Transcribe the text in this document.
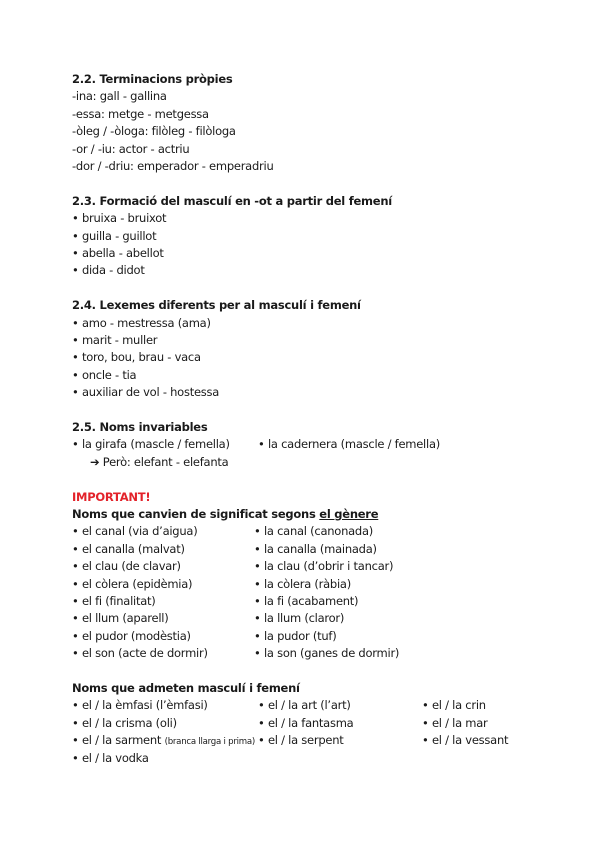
2.2. Terminacions pròpies
-ina: gall - gallina
-essa: metge - metgessa
-òleg / -òloga: filòleg - filòloga
-or / -iu: actor - actriu
-dor / -driu: emperador - emperadriu
2.3. Formació del masculí en -ot a partir del femení
• bruixa - bruixot
• guilla - guillot
• abella - abellot
• dida - didot
2.4. Lexemes diferents per al masculí i femení
• amo - mestressa (ama)
• marit - muller
• toro, bou, brau - vaca
• oncle - tia
• auxiliar de vol - hostessa
2.5. Noms invariables
• la girafa (mascle / femella) • la cadernera (mascle / femella)
➔ Però: elefant - elefanta
IMPORTANT!
Noms que canvien de significat segons el gènere
• el canal (via d’aigua)	• la canal (canonada)
• el canalla (malvat)	• la canalla (mainada)
• el clau (de clavar)	• la clau (d’obrir i tancar)
• el còlera (epidèmia)	• la còlera (ràbia)
• el fi (finalitat)	• la fi (acabament)
• el llum (aparell)	• la llum (claror)
• el pudor (modèstia)	• la pudor (tuf)
• el son (acte de dormir)	• la son (ganes de dormir)
Noms que admeten masculí i femení
• el / la èmfasi (l’èmfasi)	• el / la art (l’art)	• el / la crin
• el / la crisma (oli)	• el / la fantasma	• el / la mar
• el / la sarment (branca llarga i prima) • el / la serpent	• el / la vessant
• el / la vodka
